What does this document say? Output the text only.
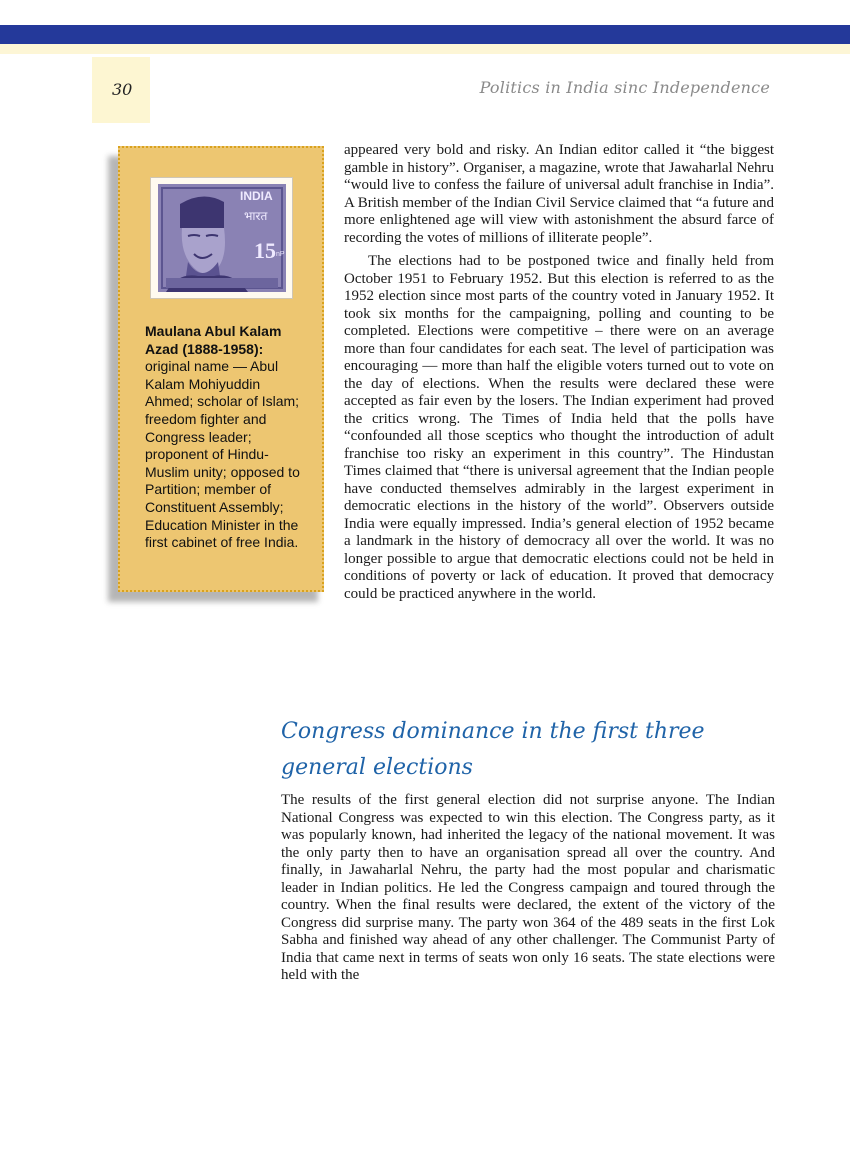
30	Politics in India sinc Independence
INDIA
भारत
15 nP
Maulana Abul Kalam Azad (1888-1958): original name — Abul Kalam Mohiyuddin Ahmed; scholar of Islam; freedom fighter and Congress leader; proponent of Hindu-Muslim unity; opposed to Partition; member of Constituent Assembly; Education Minister in the first cabinet of free India.

appeared very bold and risky. An Indian editor called it “the biggest gamble in history”. Organiser, a magazine, wrote that Jawaharlal Nehru “would live to confess the failure of universal adult franchise in India”. A British member of the Indian Civil Service claimed that “a future and more enlightened age will view with astonishment the absurd farce of recording the votes of millions of illiterate people”.

The elections had to be postponed twice and finally held from October 1951 to February 1952. But this election is referred to as the 1952 election since most parts of the country voted in January 1952. It took six months for the campaigning, polling and counting to be completed. Elections were competitive – there were on an average more than four candidates for each seat. The level of participation was encouraging — more than half the eligible voters turned out to vote on the day of elections. When the results were declared these were accepted as fair even by the losers. The Indian experiment had proved the critics wrong. The Times of India held that the polls have “confounded all those sceptics who thought the introduction of adult franchise too risky an experiment in this country”. The Hindustan Times claimed that “there is universal agreement that the Indian people have conducted themselves admirably in the largest experiment in democratic elections in the history of the world”. Observers outside India were equally impressed. India’s general election of 1952 became a landmark in the history of democracy all over the world. It was no longer possible to argue that democratic elections could not be held in conditions of poverty or lack of education. It proved that democracy could be practiced anywhere in the world.

Congress dominance in the first three
general elections

The results of the first general election did not surprise anyone. The Indian National Congress was expected to win this election. The Congress party, as it was popularly known, had inherited the legacy of the national movement. It was the only party then to have an organisation spread all over the country. And finally, in Jawaharlal Nehru, the party had the most popular and charismatic leader in Indian politics. He led the Congress campaign and toured through the country. When the final results were declared, the extent of the victory of the Congress did surprise many. The party won 364 of the 489 seats in the first Lok Sabha and finished way ahead of any other challenger. The Communist Party of India that came next in terms of seats won only 16 seats. The state elections were held with the
